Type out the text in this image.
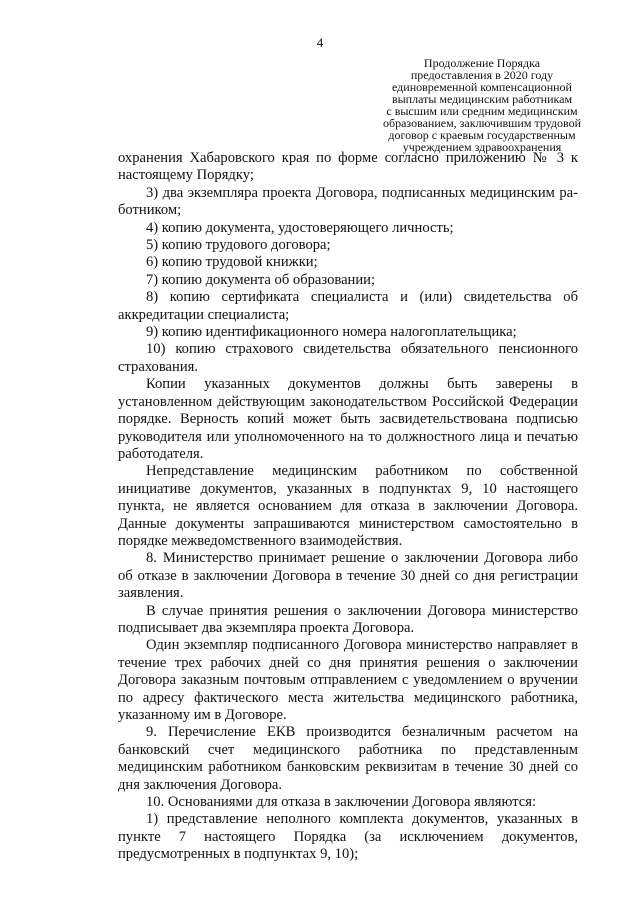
4
Продолжение Порядка
предоставления в 2020 году
единовременной компенсационной
выплаты медицинским работникам
с высшим или средним медицинским
образованием, заключившим трудовой
договор с краевым государственным
учреждением здравоохранения

охранения Хабаровского края по форме согласно приложению № 3 к настоящему Порядку;

3) два экземпляра проекта Договора, подписанных медицинским работником;

4) копию документа, удостоверяющего личность;

5) копию трудового договора;

6) копию трудовой книжки;

7) копию документа об образовании;

8) копию сертификата специалиста и (или) свидетельства об аккредитации специалиста;

9) копию идентификационного номера налогоплательщика;

10) копию страхового свидетельства обязательного пенсионного страхования.

Копии указанных документов должны быть заверены в установленном действующим законодательством Российской Федерации порядке. Верность копий может быть засвидетельствована подписью руководителя или уполномоченного на то должностного лица и печатью работодателя.

Непредставление медицинским работником по собственной инициативе документов, указанных в подпунктах 9, 10 настоящего пункта, не является основанием для отказа в заключении Договора. Данные документы запрашиваются министерством самостоятельно в порядке межведомственного взаимодействия.

8. Министерство принимает решение о заключении Договора либо об отказе в заключении Договора в течение 30 дней со дня регистрации заявления.

В случае принятия решения о заключении Договора министерство подписывает два экземпляра проекта Договора.

Один экземпляр подписанного Договора министерство направляет в течение трех рабочих дней со дня принятия решения о заключении Договора заказным почтовым отправлением с уведомлением о вручении по адресу фактического места жительства медицинского работника, указанному им в Договоре.

9. Перечисление ЕКВ производится безналичным расчетом на банковский счет медицинского работника по представленным медицинским работником банковским реквизитам в течение 30 дней со дня заключения Договора.

10. Основаниями для отказа в заключении Договора являются:

1) представление неполного комплекта документов, указанных в пункте 7 настоящего Порядка (за исключением документов, предусмотренных в подпунктах 9, 10);
